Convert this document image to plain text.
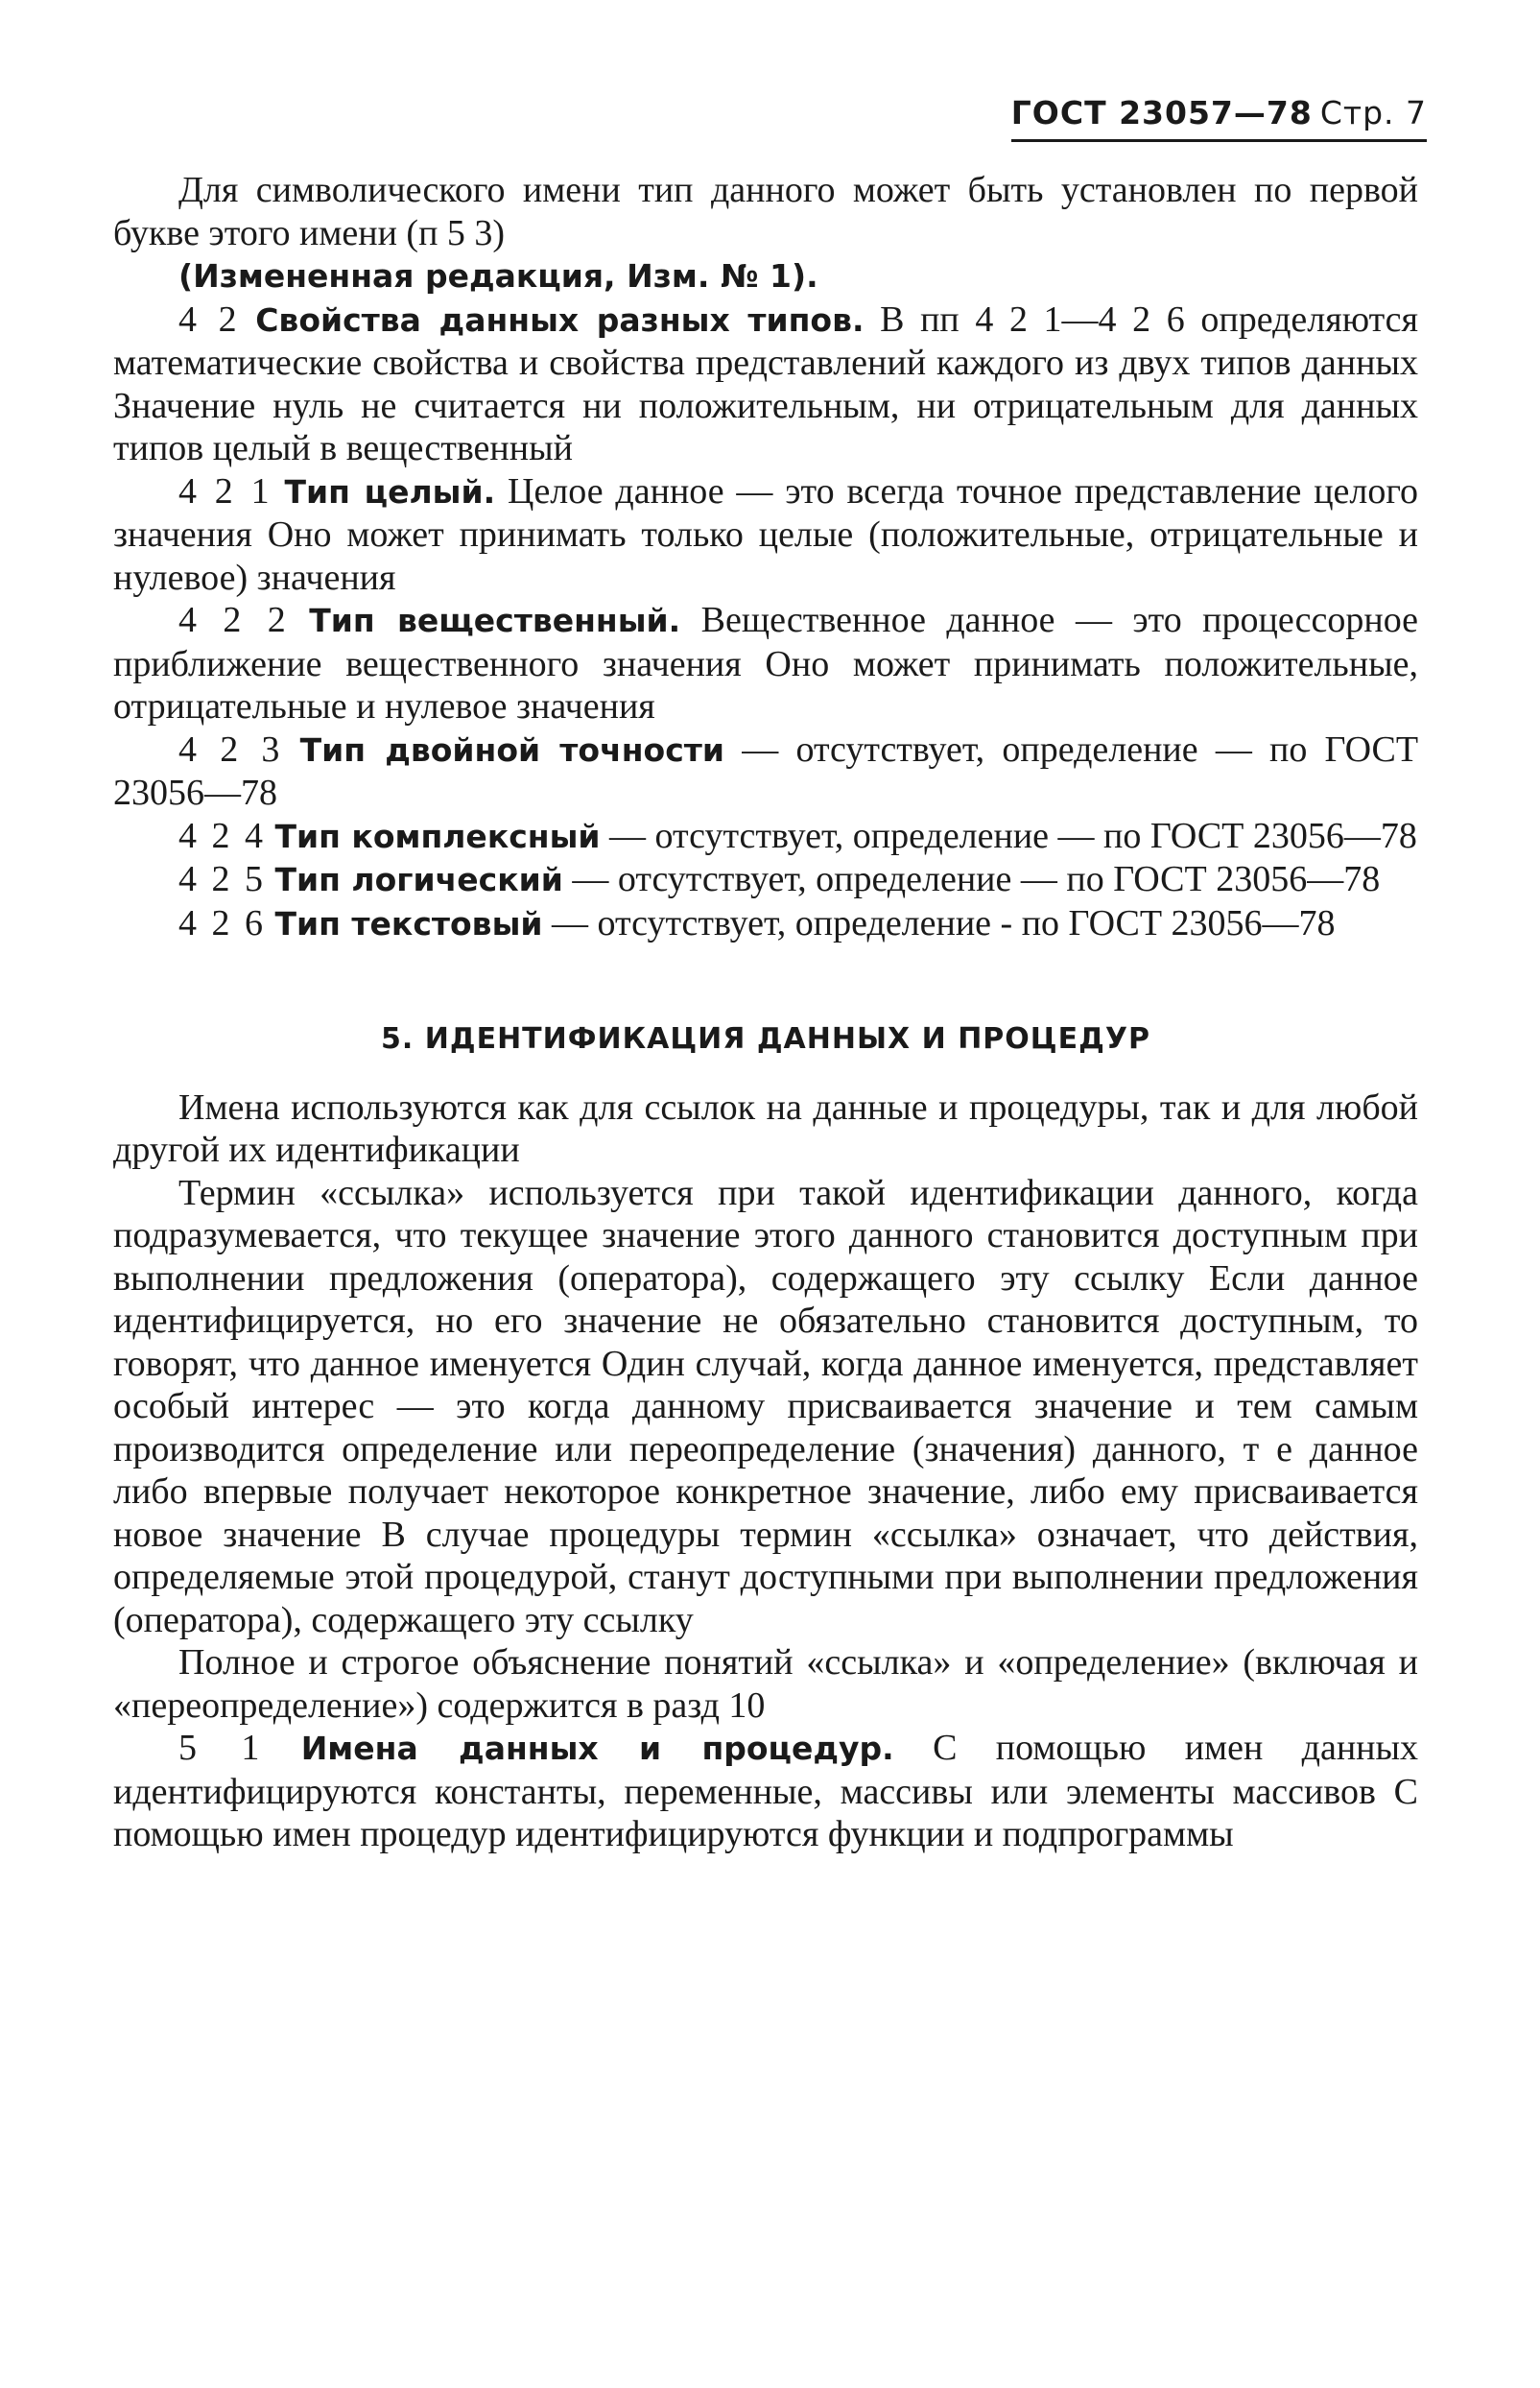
ГОСТ 23057—78 Стр. 7

Для символического имени тип данного может быть установлен по первой букве этого имени (п 5 3)

(Измененная редакция, Изм. № 1).

4 2 Свойства данных разных типов. В пп 4 2 1—4 2 6 определяются математические свойства и свойства представлений каждого из двух типов данных Значение нуль не считается ни положительным, ни отрицательным для данных типов целый в вещественный

4 2 1 Тип целый. Целое данное — это всегда точное представление целого значения Оно может принимать только целые (положительные, отрицательные и нулевое) значения

4 2 2 Тип вещественный. Вещественное данное — это процессорное приближение вещественного значения Оно может принимать положительные, отрицательные и нулевое значения

4 2 3 Тип двойной точности — отсутствует, определение — по ГОСТ 23056—78

4 2 4 Тип комплексный — отсутствует, определение — по ГОСТ 23056—78

4 2 5 Тип логический — отсутствует, определение — по ГОСТ 23056—78

4 2 6 Тип текстовый — отсутствует, определение - по ГОСТ 23056—78

5. ИДЕНТИФИКАЦИЯ ДАННЫХ И ПРОЦЕДУР

Имена используются как для ссылок на данные и процедуры, так и для любой другой их идентификации

Термин «ссылка» используется при такой идентификации данного, когда подразумевается, что текущее значение этого данного становится доступным при выполнении предложения (оператора), содержащего эту ссылку Если данное идентифицируется, но его значение не обязательно становится доступным, то говорят, что данное именуется Один случай, когда данное именуется, представляет особый интерес — это когда данному присваивается значение и тем самым производится определение или переопределение (значения) данного, т е данное либо впервые получает некоторое конкретное значение, либо ему присваивается новое значение В случае процедуры термин «ссылка» означает, что действия, определяемые этой процедурой, станут доступными при выполнении предложения (оператора), содержащего эту ссылку

Полное и строгое объяснение понятий «ссылка» и «определение» (включая и «переопределение») содержится в разд 10

5 1 Имена данных и процедур. С помощью имен данных идентифицируются константы, переменные, массивы или элементы массивов С помощью имен процедур идентифицируются функции и подпрограммы
